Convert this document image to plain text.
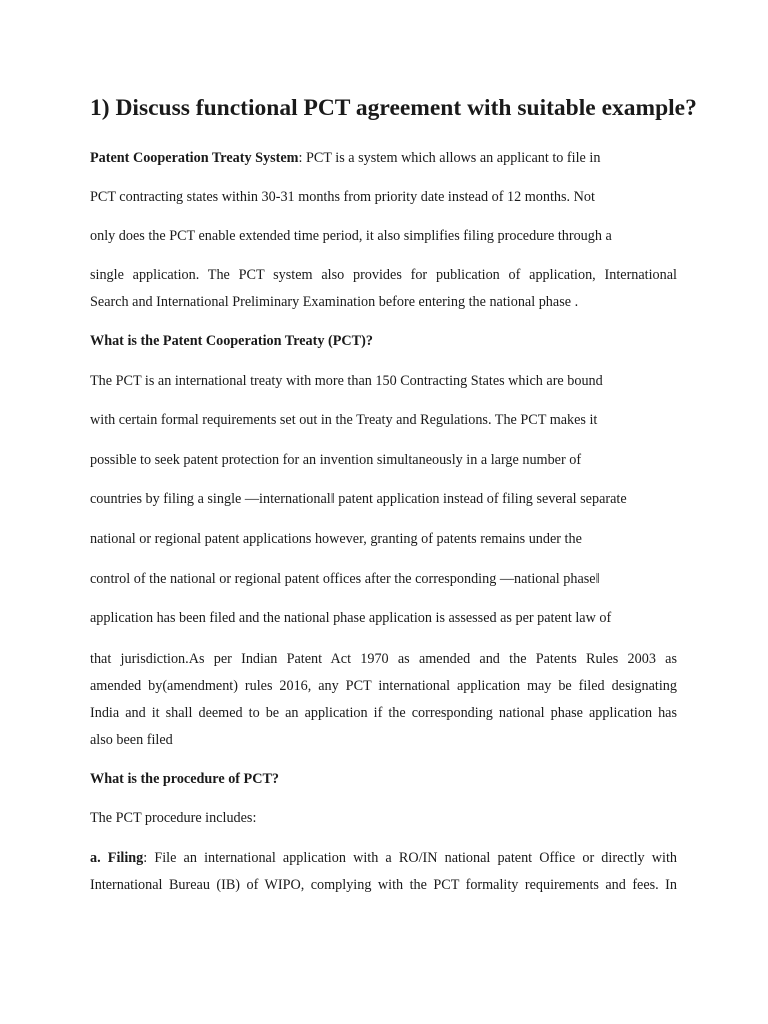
1) Discuss functional PCT agreement with suitable example?

Patent Cooperation Treaty System: PCT is a system which allows an applicant to file in

PCT contracting states within 30-31 months from priority date instead of 12 months. Not

only does the PCT enable extended time period, it also simplifies filing procedure through a

single application. The PCT system also provides for publication of application, International

Search and International Preliminary Examination before entering the national phase .

What is the Patent Cooperation Treaty (PCT)?

The PCT is an international treaty with more than 150 Contracting States which are bound

with certain formal requirements set out in the Treaty and Regulations. The PCT makes it

possible to seek patent protection for an invention simultaneously in a large number of

countries by filing a single ―international‖ patent application instead of filing several separate

national or regional patent applications however, granting of patents remains under the

control of the national or regional patent offices after the corresponding ―national phase‖

application has been filed and the national phase application is assessed as per patent law of

that jurisdiction.As per Indian Patent Act 1970 as amended and the Patents Rules 2003 as

amended by(amendment) rules 2016, any PCT international application may be filed designating

India and it shall deemed to be an application if the corresponding national phase application has

also been filed

What is the procedure of PCT?

The PCT procedure includes:

a. Filing: File an international application with a RO/IN national patent Office or directly with

International Bureau (IB) of WIPO, complying with the PCT formality requirements and fees. In
